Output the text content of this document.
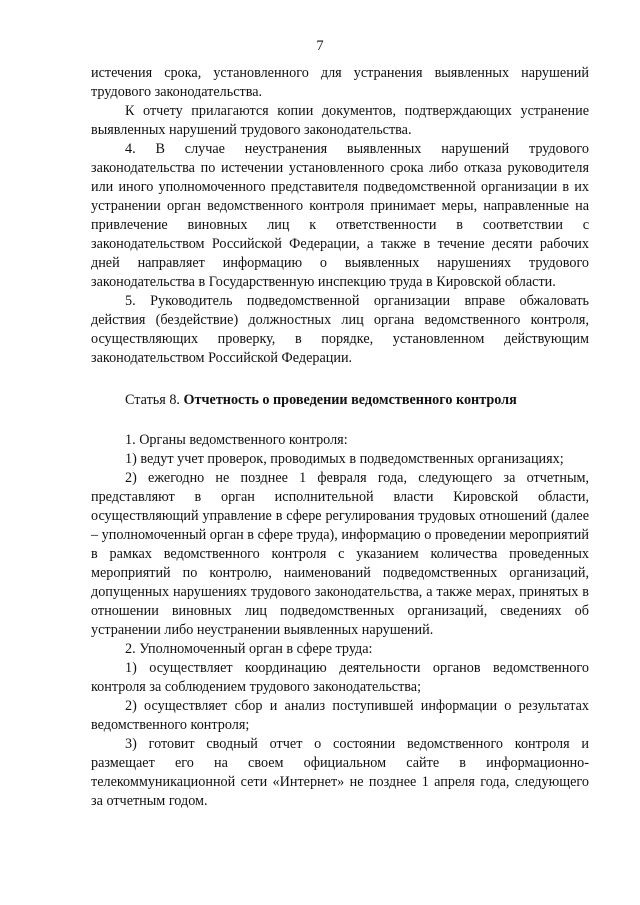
7

истечения срока, установленного для устранения выявленных нарушений трудового законодательства.

К отчету прилагаются копии документов, подтверждающих устранение выявленных нарушений трудового законодательства.

4. В случае неустранения выявленных нарушений трудового законодательства по истечении установленного срока либо отказа руководителя или иного уполномоченного представителя подведомственной организации в их устранении орган ведомственного контроля принимает меры, направленные на привлечение виновных лиц к ответственности в соответствии с законодательством Российской Федерации, а также в течение десяти рабочих дней направляет информацию о выявленных нарушениях трудового законодательства в Государственную инспекцию труда в Кировской области.

5. Руководитель подведомственной организации вправе обжаловать действия (бездействие) должностных лиц органа ведомственного контроля, осуществляющих проверку, в порядке, установленном действующим законодательством Российской Федерации.

Статья 8. Отчетность о проведении ведомственного контроля

1. Органы ведомственного контроля:

1) ведут учет проверок, проводимых в подведомственных организациях;

2) ежегодно не позднее 1 февраля года, следующего за отчетным, представляют в орган исполнительной власти Кировской области, осуществляющий управление в сфере регулирования трудовых отношений (далее – уполномоченный орган в сфере труда), информацию о проведении мероприятий в рамках ведомственного контроля с указанием количества проведенных мероприятий по контролю, наименований подведомственных организаций, допущенных нарушениях трудового законодательства, а также мерах, принятых в отношении виновных лиц подведомственных организаций, сведениях об устранении либо неустранении выявленных нарушений.

2. Уполномоченный орган в сфере труда:

1) осуществляет координацию деятельности органов ведомственного контроля за соблюдением трудового законодательства;

2) осуществляет сбор и анализ поступившей информации о результатах ведомственного контроля;

3) готовит сводный отчет о состоянии ведомственного контроля и размещает его на своем официальном сайте в информационно-телекоммуникационной сети «Интернет» не позднее 1 апреля года, следующего за отчетным годом.
